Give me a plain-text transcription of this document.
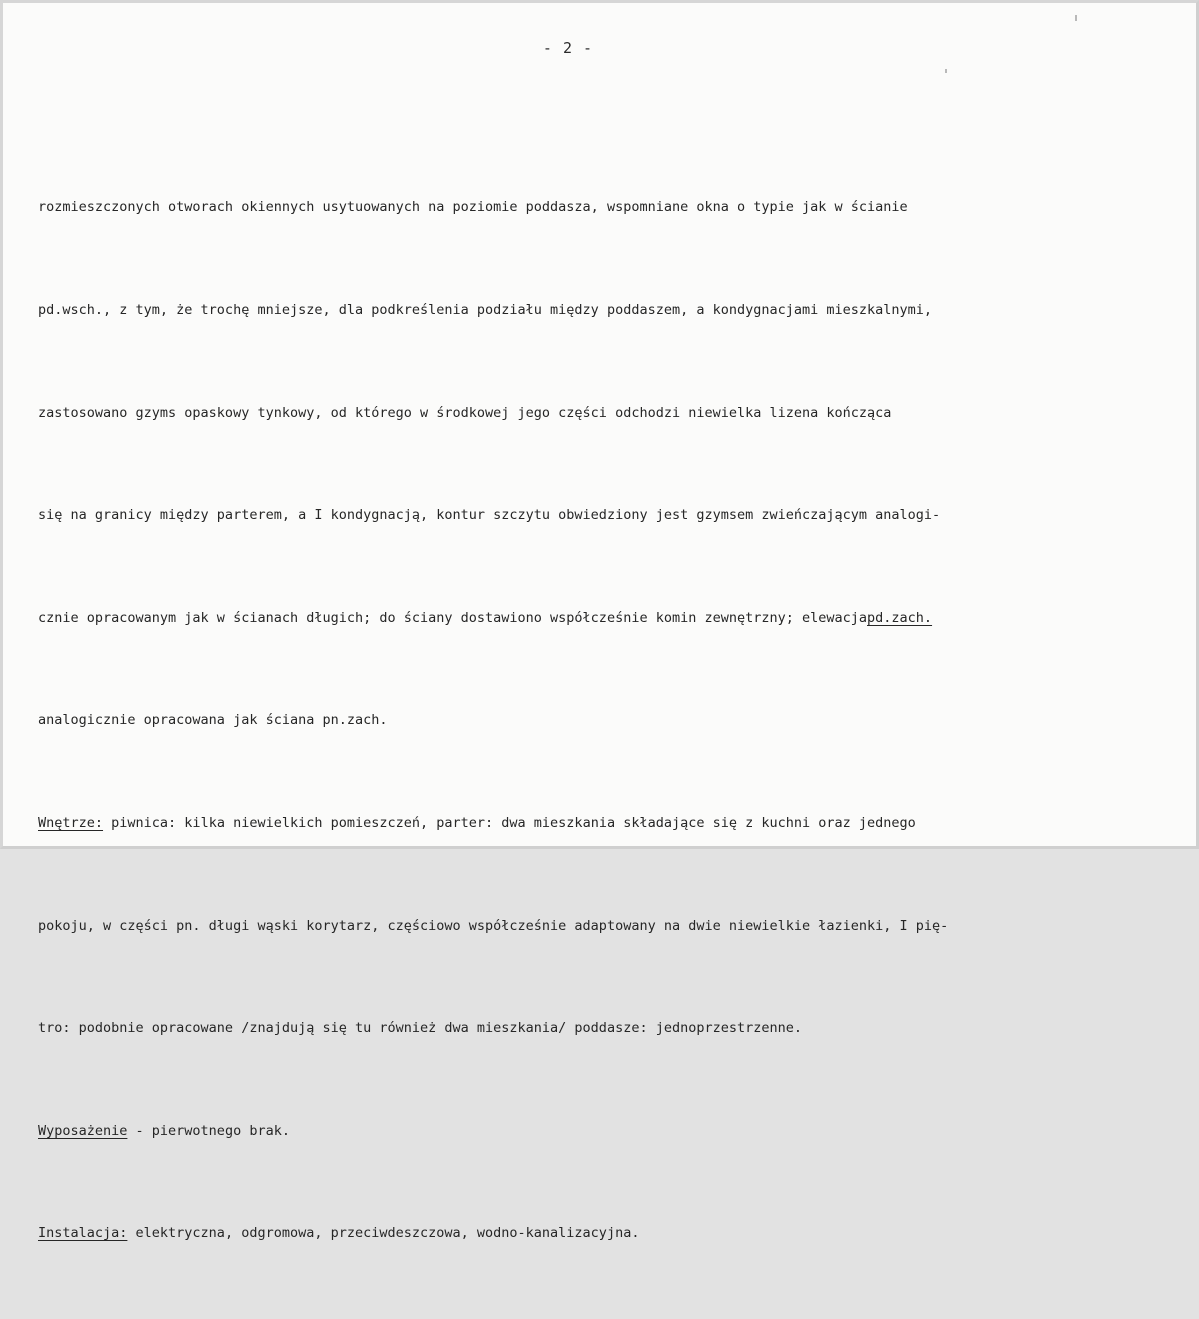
- 2 -

rozmieszczonych otworach okiennych usytuowanych na poziomie poddasza, wspomniane okna o typie jak w ścianie

pd.wsch., z tym, że trochę mniejsze, dla podkreślenia podziału między poddaszem, a kondygnacjami mieszkalnymi,

zastosowano gzyms opaskowy tynkowy, od którego w środkowej jego części odchodzi niewielka lizena kończąca

się na granicy między parterem, a I kondygnacją, kontur szczytu obwiedziony jest gzymsem zwieńczającym analogi-

cznie opracowanym jak w ścianach długich; do ściany dostawiono współcześnie komin zewnętrzny; elewacjapd.zach.

analogicznie opracowana jak ściana pn.zach.

Wnętrze: piwnica: kilka niewielkich pomieszczeń, parter: dwa mieszkania składające się z kuchni oraz jednego

pokoju, w części pn. długi wąski korytarz, częściowo współcześnie adaptowany na dwie niewielkie łazienki, I pię-

tro: podobnie opracowane /znajdują się tu również dwa mieszkania/ poddasze: jednoprzestrzenne.

Wyposażenie - pierwotnego brak.

Instalacja: elektryczna, odgromowa, przeciwdeszczowa, wodno-kanalizacyjna.
